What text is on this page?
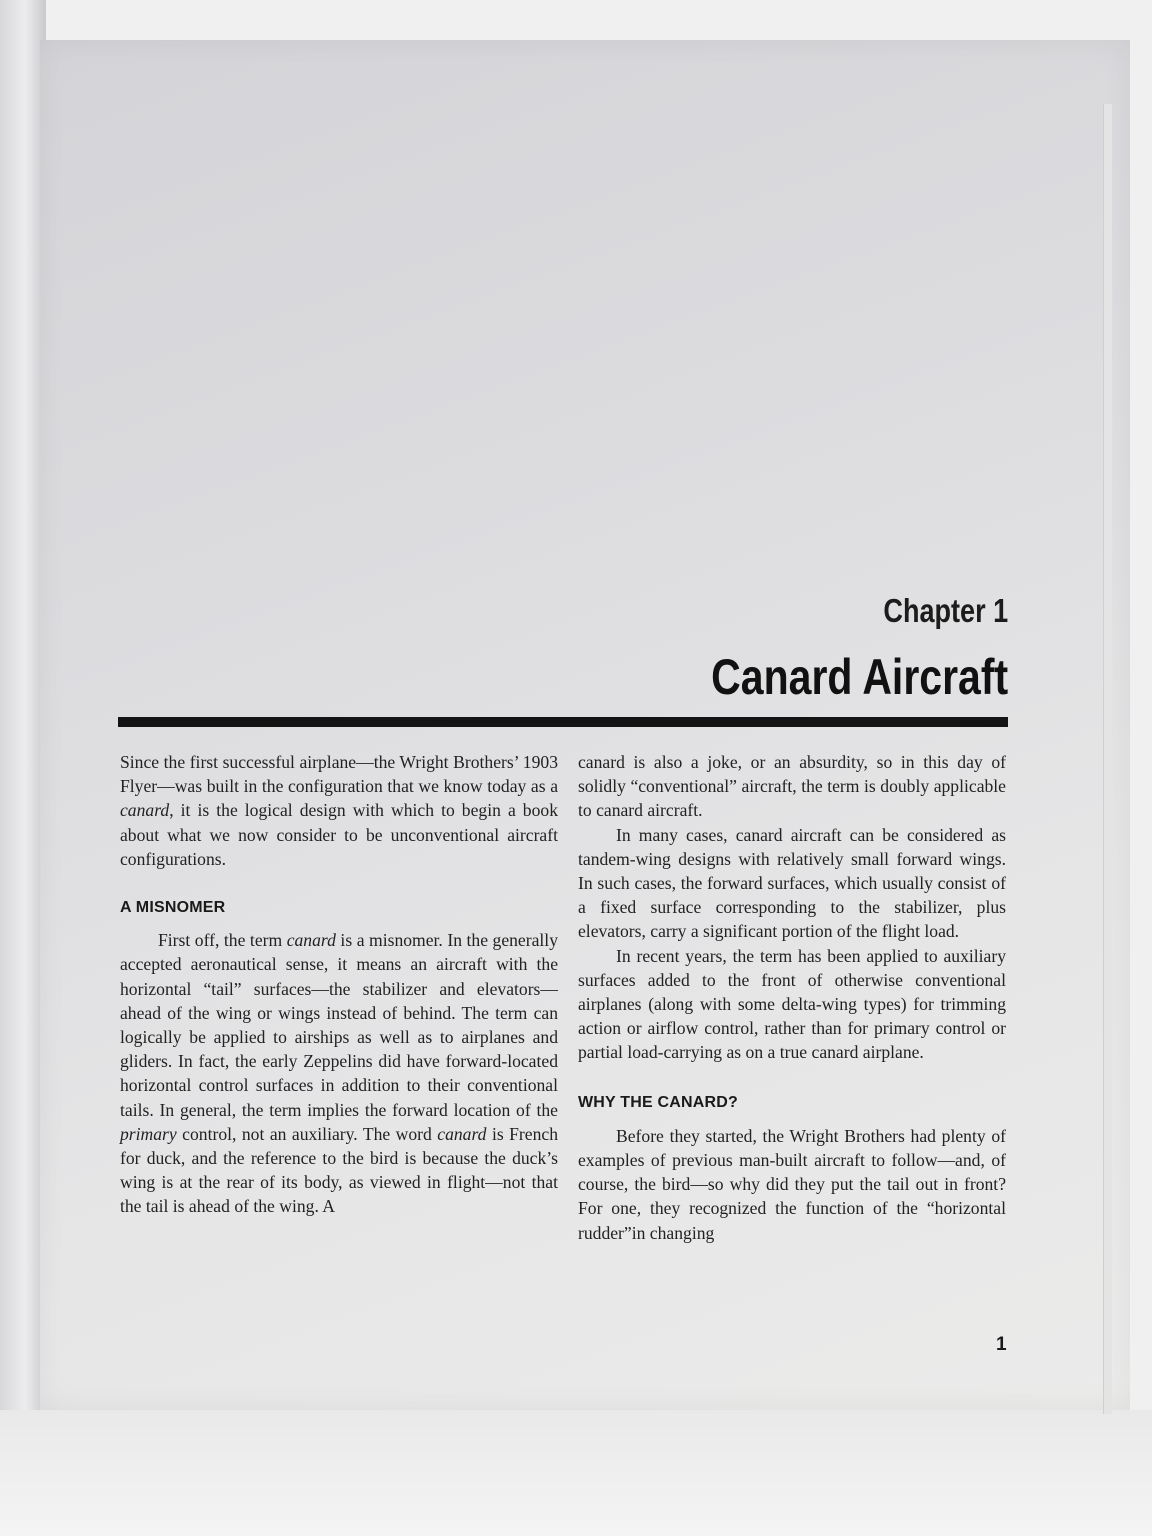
Chapter 1
Canard Aircraft

Since the first successful airplane—the Wright Brothers’ 1903 Flyer—was built in the configuration that we know today as a canard, it is the logical design with which to begin a book about what we now consider to be unconventional aircraft configurations.

A MISNOMER

First off, the term canard is a misnomer. In the generally accepted aeronautical sense, it means an aircraft with the horizontal “tail” surfaces—the stabilizer and elevators—ahead of the wing or wings instead of behind. The term can logically be applied to airships as well as to airplanes and gliders. In fact, the early Zeppelins did have forward-located horizontal control surfaces in addition to their conventional tails. In general, the term implies the forward location of the primary control, not an auxiliary. The word canard is French for duck, and the reference to the bird is because the duck’s wing is at the rear of its body, as viewed in flight—not that the tail is ahead of the wing. A

canard is also a joke, or an absurdity, so in this day of solidly “conventional” aircraft, the term is doubly applicable to canard aircraft.

In many cases, canard aircraft can be considered as tandem-wing designs with relatively small forward wings. In such cases, the forward surfaces, which usually consist of a fixed surface corresponding to the stabilizer, plus elevators, carry a significant portion of the flight load.

In recent years, the term has been applied to auxiliary surfaces added to the front of otherwise conventional airplanes (along with some delta-wing types) for trimming action or airflow control, rather than for primary control or partial load-carrying as on a true canard airplane.

WHY THE CANARD?

Before they started, the Wright Brothers had plenty of examples of previous man-built aircraft to follow—and, of course, the bird—so why did they put the tail out in front? For one, they recognized the function of the “horizontal rudder”in changing

1
